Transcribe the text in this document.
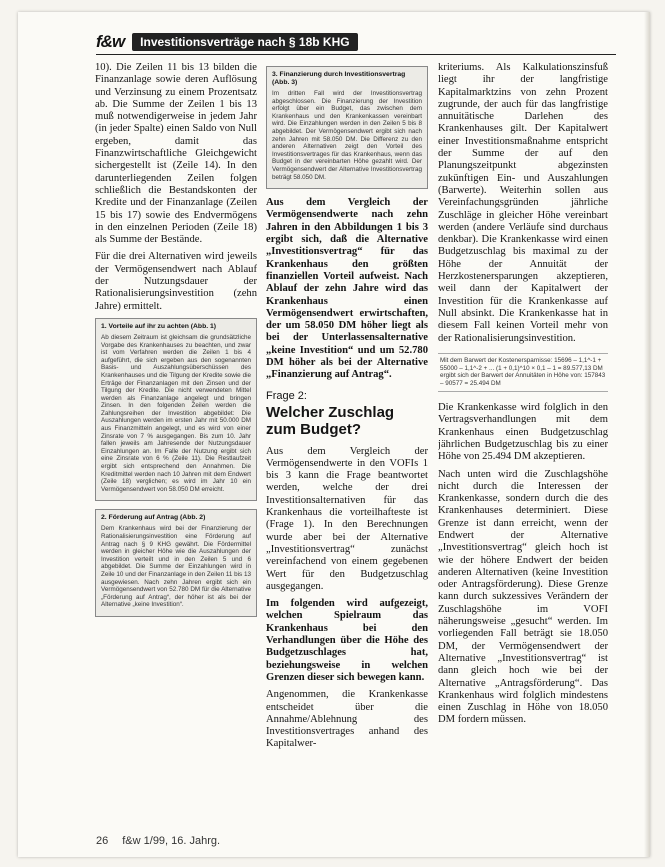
f&w	Investitionsverträge nach § 18b KHG

10). Die Zeilen 11 bis 13 bilden die Finanzanlage sowie deren Auflösung und Verzinsung zu einem Prozentsatz ab. Die Summe der Zeilen 1 bis 13 muß notwendigerweise in jedem Jahr (in jeder Spalte) einen Saldo von Null ergeben, damit das Finanzwirtschaftliche Gleichgewicht sichergestellt ist (Zeile 14). In den darunterliegenden Zeilen folgen schließlich die Bestandskonten der Kredite und der Finanzanlage (Zeilen 15 bis 17) sowie des Endvermögens in den einzelnen Perioden (Zeile 18) als Summe der Bestände.

Für die drei Alternativen wird jeweils der Vermögensendwert nach Ablauf der Nutzungsdauer der Rationalisierungsinvestition (zehn Jahre) ermittelt.

1. Vorteile auf ihr zu achten (Abb. 1)

Ab diesem Zeitraum ist gleichsam die grundsätzliche Vorgabe des Krankenhauses zu beachten, und zwar ist vom Verfahren werden die Zeilen 1 bis 4 aufgeführt, die sich ergeben aus den sogenannten Basis- und Auszahlungsüberschüssen des Krankenhauses und die Tilgung der Kredite sowie die Erträge der Finanzanlagen mit den Zinsen und der Tilgung der Kredite. Die nicht verwendeten Mittel werden als Finanzanlage angelegt und bringen Zinsen. In den folgenden Zeilen werden die Zahlungsreihen der Investition abgebildet: Die Auszahlungen werden im ersten Jahr mit 50.000 DM aus Finanzmitteln angelegt, und es wird von einer Zinsrate von 7 % ausgegangen. Bis zum 10. Jahr fallen jeweils am Jahresende der Nutzungsdauer Einzahlungen an. Im Falle der Nutzung ergibt sich eine Zinsrate von 6 % (Zeile 11). Die Restlaufzeit ergibt sich entsprechend den Annahmen. Die Kreditmittel werden nach 10 Jahren mit dem Endwert (Zeile 18) verglichen; es wird im Jahr 10 ein Vermögensendwert von 58.050 DM erreicht.

2. Förderung auf Antrag (Abb. 2)

Dem Krankenhaus wird bei der Finanzierung der Rationalisierungsinvestition eine Förderung auf Antrag nach § 9 KHG gewährt. Die Fördermittel werden in gleicher Höhe wie die Auszahlungen der Investition verteilt und in den Zeilen 5 und 6 abgebildet. Die Summe der Einzahlungen wird in Zeile 10 und der Finanzanlage in den Zeilen 11 bis 13 ausgewiesen. Nach zehn Jahren ergibt sich ein Vermögensendwert von 52.780 DM für die Alternative „Förderung auf Antrag“, der höher ist als bei der Alternative „keine Investition“.

3. Finanzierung durch Investitionsvertrag (Abb. 3)

Im dritten Fall wird der Investitionsvertrag abgeschlossen. Die Finanzierung der Investition erfolgt über ein Budget, das zwischen dem Krankenhaus und den Krankenkassen vereinbart wird. Die Einzahlungen werden in den Zeilen 5 bis 8 abgebildet. Der Vermögensendwert ergibt sich nach zehn Jahren mit 58.050 DM. Die Differenz zu den anderen Alternativen zeigt den Vorteil des Investitionsvertrages für das Krankenhaus, wenn das Budget in der vereinbarten Höhe gezahlt wird. Der Vermögensendwert der Alternative Investitionsvertrag beträgt 58.050 DM.

Aus dem Vergleich der Vermögensendwerte nach zehn Jahren in den Abbildungen 1 bis 3 ergibt sich, daß die Alternative „Investitionsvertrag“ für das Krankenhaus den größten finanziellen Vorteil aufweist. Nach Ablauf der zehn Jahre wird das Krankenhaus einen Vermögensendwert erwirtschaften, der um 58.050 DM höher liegt als bei der Unterlassensalternative „keine Investition“ und um 52.780 DM höher als bei der Alternative „Finanzierung auf Antrag“.

Frage 2:

Welcher Zuschlag zum Budget?

Aus dem Vergleich der Vermögensendwerte in den VOFIs 1 bis 3 kann die Frage beantwortet werden, welche der drei Investitionsalternativen für das Krankenhaus die vorteilhafteste ist (Frage 1). In den Berechnungen wurde aber bei der Alternative „Investitionsvertrag“ zunächst vereinfachend von einem gegebenen Wert für den Budgetzuschlag ausgegangen.

Im folgenden wird aufgezeigt, welchen Spielraum das Krankenhaus bei den Verhandlungen über die Höhe des Budgetzuschlages hat, beziehungsweise in welchen Grenzen dieser sich bewegen kann.

Angenommen, die Krankenkasse entscheidet über die Annahme/Ablehnung des Investitionsvertrages anhand des Kapitalwer-

kriteriums. Als Kalkulationszinsfuß liegt ihr der langfristige Kapitalmarktzins von zehn Prozent zugrunde, der auch für das langfristige annuitätische Darlehen des Krankenhauses gilt. Der Kapitalwert einer Investitionsmaßnahme entspricht der Summe der auf den Planungszeitpunkt abgezinsten zukünftigen Ein- und Auszahlungen (Barwerte). Weiterhin sollen aus Vereinfachungsgründen jährliche Zuschläge in gleicher Höhe vereinbart werden (andere Verläufe sind durchaus denkbar). Die Krankenkasse wird einen Budgetzuschlag bis maximal zu der Höhe der Annuität der Herzkostenersparungen akzeptieren, weil dann der Kapitalwert der Investition für die Krankenkasse auf Null absinkt. Die Krankenkasse hat in diesem Fall keinen Vorteil mehr von der Rationalisierungsinvestition.

Mit dem Barwert der Kostenersparnisse: 15696 – 1,1^-1 + 55000 – 1,1^-2 + ... (1 + 0,1)^10 × 0,1 – 1 = 89.577,13 DM ergibt sich der Barwert der Annuitäten in Höhe von: 157843 – 90577 = 25.494 DM

Die Krankenkasse wird folglich in den Vertragsverhandlungen mit dem Krankenhaus einen Budgetzuschlag jährlichen Budgetzuschlag bis zu einer Höhe von 25.494 DM akzeptieren.

Nach unten wird die Zuschlagshöhe nicht durch die Interessen der Krankenkasse, sondern durch die des Krankenhauses determiniert. Diese Grenze ist dann erreicht, wenn der Endwert der Alternative „Investitionsvertrag“ gleich hoch ist wie der höhere Endwert der beiden anderen Alternativen (keine Investition oder Antragsförderung). Diese Grenze kann durch sukzessives Verändern der Zuschlagshöhe im VOFI näherungsweise „gesucht“ werden. Im vorliegenden Fall beträgt sie 18.050 DM, der Vermögensendwert der Alternative „Investitionsvertrag“ ist dann gleich hoch wie bei der Alternative „Antragsförderung“. Das Krankenhaus wird folglich mindestens einen Zuschlag in Höhe von 18.050 DM fordern müssen.

26 f&w 1/99, 16. Jahrg.
